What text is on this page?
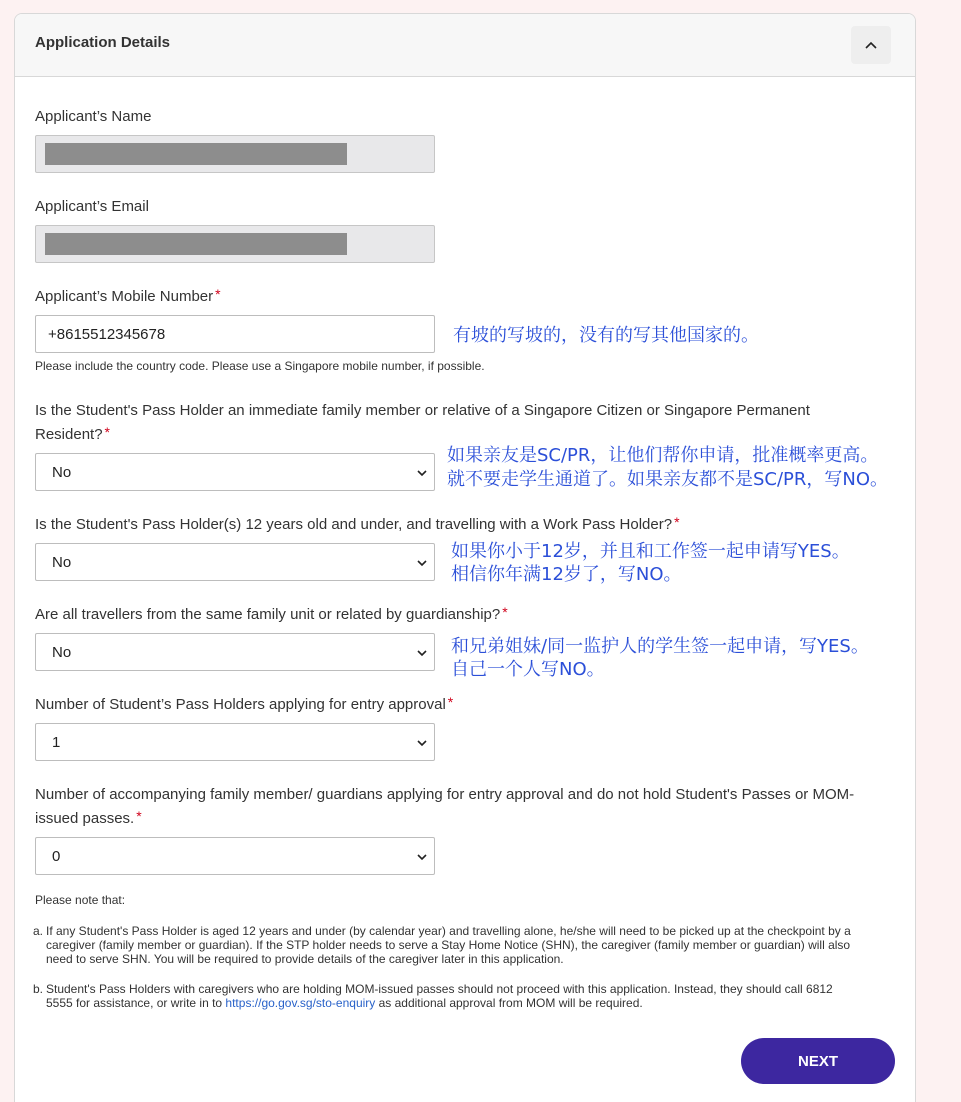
Application Details
Applicant’s Name
Applicant’s Email
Applicant’s Mobile Number *
+8615512345678	有坡的写坡的，没有的写其他国家的。
Please include the country code. Please use a Singapore mobile number, if possible.
Is the Student's Pass Holder an immediate family member or relative of a Singapore Citizen or Singapore Permanent
Resident? *
No
如果亲友是SC/PR，让他们帮你申请，批准概率更高。
就不要走学生通道了。如果亲友都不是SC/PR，写NO。
Is the Student's Pass Holder(s) 12 years old and under, and travelling with a Work Pass Holder? *
No	如果你小于12岁，并且和工作签一起申请写YES。
相信你年满12岁了，写NO。
Are all travellers from the same family unit or related by guardianship? *
No	和兄弟姐妹/同一监护人的学生签一起申请，写YES。
自己一个人写NO。
Number of Student’s Pass Holders applying for entry approval *
1
Number of accompanying family member/ guardians applying for entry approval and do not hold Student's Passes or MOM-
issued passes. *
0
Please note that:
a. If any Student's Pass Holder is aged 12 years and under (by calendar year) and travelling alone, he/she will need to be picked up at the checkpoint by a
caregiver (family member or guardian). If the STP holder needs to serve a Stay Home Notice (SHN), the caregiver (family member or guardian) will also
need to serve SHN. You will be required to provide details of the caregiver later in this application.
b. Student's Pass Holders with caregivers who are holding MOM-issued passes should not proceed with this application. Instead, they should call 6812
5555 for assistance, or write in to https://go.gov.sg/sto-enquiry as additional approval from MOM will be required.
NEXT
